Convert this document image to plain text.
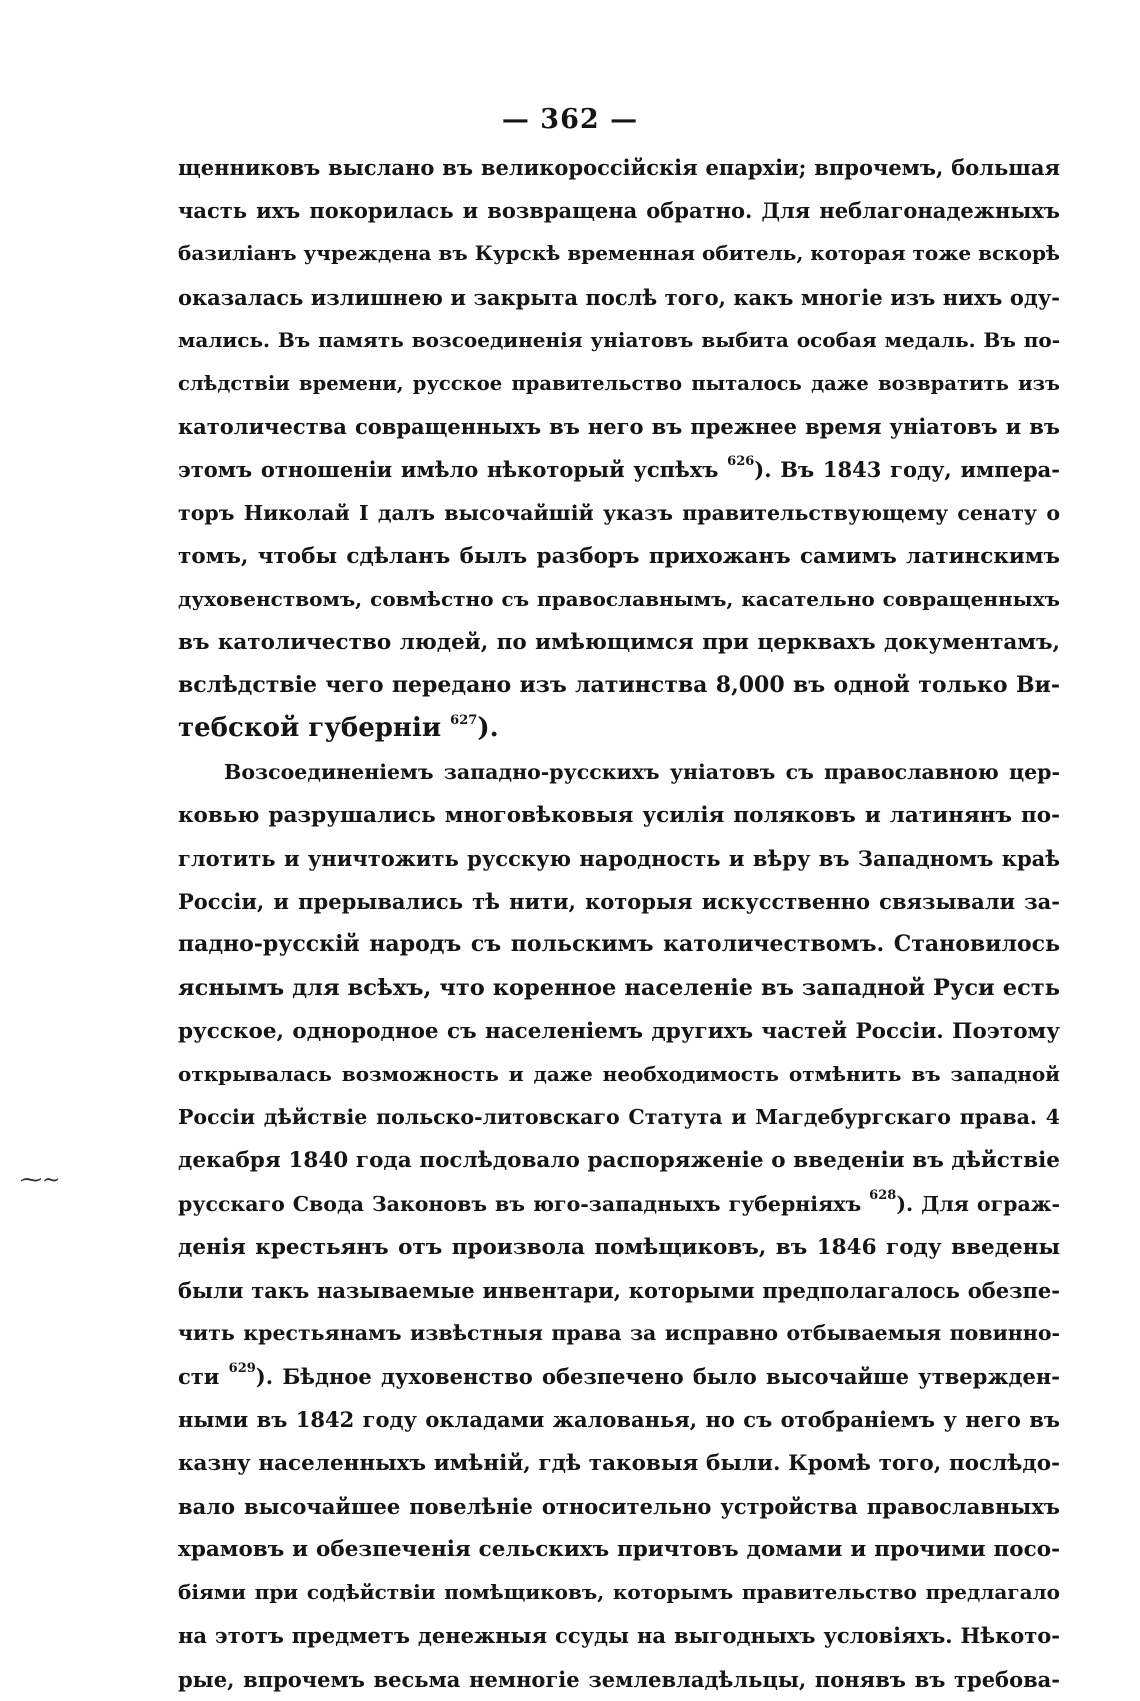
— 362 —
⁓~
щенниковъ выслано въ великороссійскія епархіи; впрочемъ, большая
часть ихъ покорилась и возвращена обратно. Для неблагонадежныхъ
базиліанъ учреждена въ Курскѣ временная обитель, которая тоже вскорѣ
оказалась излишнею и закрыта послѣ того, какъ многіе изъ нихъ оду-
мались. Въ память возсоединенія уніатовъ выбита особая медаль. Въ по-
слѣдствіи времени, русское правительство пыталось даже возвратить изъ
католичества совращенныхъ въ него въ прежнее время уніатовъ и въ
этомъ отношеніи имѣло нѣкоторый успѣхъ $^{626}$). Въ 1843 году, импера-
торъ Николай I далъ высочайшій указъ правительствующему сенату о
томъ, чтобы сдѣланъ былъ разборъ прихожанъ самимъ латинскимъ
духовенствомъ, совмѣстно съ православнымъ, касательно совращенныхъ
въ католичество людей, по имѣющимся при церквахъ документамъ,
вслѣдствіе чего передано изъ латинства 8,000 въ одной только Ви-
тебской губерніи $^{627}$).
Возсоединеніемъ западно-русскихъ уніатовъ съ православною цер-
ковью разрушались многовѣковыя усилія поляковъ и латинянъ по-
глотить и уничтожить русскую народность и вѣру въ Западномъ краѣ
Россіи, и прерывались тѣ нити, которыя искусственно связывали за-
падно-русскій народъ съ польскимъ католичествомъ. Становилось
яснымъ для всѣхъ, что коренное населеніе въ западной Руси есть
русское, однородное съ населеніемъ другихъ частей Россіи. Поэтому
открывалась возможность и даже необходимость отмѣнить въ западной
Россіи дѣйствіе польско-литовскаго Статута и Магдебургскаго права. 4
декабря 1840 года послѣдовало распоряженіе о введеніи въ дѣйствіе
русскаго Свода Законовъ въ юго-западныхъ губерніяхъ $^{628}$). Для ограж-
денія крестьянъ отъ произвола помѣщиковъ, въ 1846 году введены
были такъ называемые инвентари, которыми предполагалось обезпе-
чить крестьянамъ извѣстныя права за исправно отбываемыя повинно-
сти $^{629}$). Бѣдное духовенство обезпечено было высочайше утвержден-
ными въ 1842 году окладами жалованья, но съ отобраніемъ у него въ
казну населенныхъ имѣній, гдѣ таковыя были. Кромѣ того, послѣдо-
вало высочайшее повелѣніе относительно устройства православныхъ
храмовъ и обезпеченія сельскихъ причтовъ домами и прочими посо-
біями при содѣйствіи помѣщиковъ, которымъ правительство предлагало
на этотъ предметъ денежныя ссуды на выгодныхъ условіяхъ. Нѣкото-
рые, впрочемъ весьма немногіе землевладѣльцы, понявъ въ требова-
